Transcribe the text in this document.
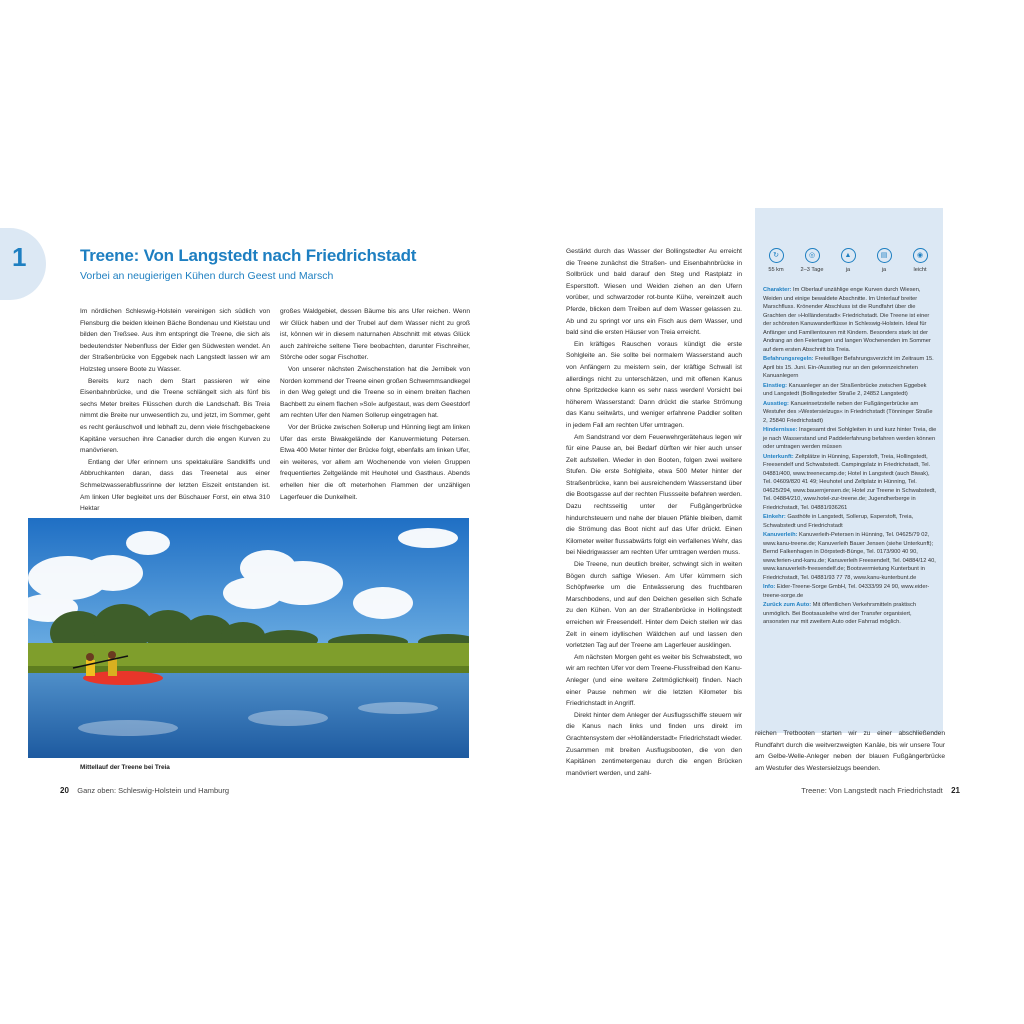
1	Treene: Von Langstedt nach Friedrichstadt
Vorbei an neugierigen Kühen durch Geest und Marsch

Im nördlichen Schleswig-Holstein vereinigen sich südlich von Flensburg die beiden kleinen Bäche Bondenau und Kielstau und bilden den Treßsee. Aus ihm entspringt die Treene, die sich als bedeutendster Nebenfluss der Eider gen Südwesten wendet. An der Straßenbrücke von Eggebek nach Langstedt lassen wir am Holzsteg unsere Boote zu Wasser.

Bereits kurz nach dem Start passieren wir eine Eisenbahnbrücke, und die Treene schlängelt sich als fünf bis sechs Meter breites Flüsschen durch die Landschaft. Bis Treia nimmt die Breite nur unwesentlich zu, und jetzt, im Sommer, geht es recht geräuschvoll und lebhaft zu, denn viele frischgebackene Kapitäne versuchen ihre Canadier durch die engen Kurven zu manövrieren.

Entlang der Ufer erinnern uns spektakuläre Sandkliffs und Abbruchkanten daran, dass das Treenetal aus einer Schmelzwasserabflussrinne der letzten Eiszeit entstanden ist. Am linken Ufer begleitet uns der Büschauer Forst, ein etwa 310 Hektar

großes Waldgebiet, dessen Bäume bis ans Ufer reichen. Wenn wir Glück haben und der Trubel auf dem Wasser nicht zu groß ist, können wir in diesem naturnahen Abschnitt mit etwas Glück auch zahlreiche seltene Tiere beobachten, darunter Fischreiher, Störche oder sogar Fischotter.

Von unserer nächsten Zwischenstation hat die Jernibek von Norden kommend der Treene einen großen Schwemmsandkegel in den Weg gelegt und die Treene so in einem breiten flachen Bachbett zu einem flachen »Sol« aufgestaut, was dem Geestdorf am rechten Ufer den Namen Sollerup eingetragen hat.

Vor der Brücke zwischen Sollerup und Hünning liegt am linken Ufer das erste Biwakgelände der Kanuvermietung Petersen. Etwa 400 Meter hinter der Brücke folgt, ebenfalls am linken Ufer, ein weiteres, vor allem am Wochenende von vielen Gruppen frequentiertes Zeltgelände mit Heuhotel und Gasthaus. Abends erhellen hier die oft meterhohen Flammen der unzähligen Lagerfeuer die Dunkelheit.

Mittellauf der Treene bei Treia

Gestärkt durch das Wasser der Bollingstedter Au erreicht die Treene zunächst die Straßen- und Eisenbahnbrücke in Sollbrück und bald darauf den Steg und Rastplatz in Espersttoft. Wiesen und Weiden ziehen an den Ufern vorüber, und schwarzoder rot-bunte Kühe, vereinzelt auch Pferde, blicken dem Treiben auf dem Wasser gelassen zu. Ab und zu springt vor uns ein Fisch aus dem Wasser, und bald sind die ersten Häuser von Treia erreicht.

Ein kräftiges Rauschen voraus kündigt die erste Sohlgleite an. Sie sollte bei normalem Wasserstand auch von Anfängern zu meistern sein, der kräftige Schwall ist allerdings nicht zu unterschätzen, und mit offenen Kanus ohne Spritzdecke kann es sehr nass werden! Vorsicht bei höherem Wasserstand: Dann drückt die starke Strömung das Kanu seitwärts, und weniger erfahrene Paddler sollten in jedem Fall am rechten Ufer umtragen.

Am Sandstrand vor dem Feuerwehrgerätehaus legen wir für eine Pause an, bei Bedarf dürften wir hier auch unser Zelt aufstellen. Wieder in den Booten, folgen zwei weitere Stufen. Die erste Sohlgleite, etwa 500 Meter hinter der Straßenbrücke, kann bei ausreichendem Wasserstand über die Bootsgasse auf der rechten Flussseite befahren werden. Dazu rechtsseitig unter der Fußgängerbrücke hindurchsteuern und nahe der blauen Pfähle bleiben, damit die Strömung das Boot nicht auf das Ufer drückt. Einen Kilometer weiter flussabwärts folgt ein verfallenes Wehr, das bei Niedrigwasser am rechten Ufer umtragen werden muss.

Die Treene, nun deutlich breiter, schwingt sich in weiten Bögen durch saftige Wiesen. Am Ufer kümmern sich Schöpfwerke um die Entwässerung des fruchtbaren Marschbodens, und auf den Deichen gesellen sich Schafe zu den Kühen. Von an der Straßenbrücke in Hollingstedt erreichen wir Freesendelf. Hinter dem Deich stellen wir das Zelt in einem idyllischen Wäldchen auf und lassen den vorletzten Tag auf der Treene am Lagerfeuer ausklingen.

Am nächsten Morgen geht es weiter bis Schwabstedt, wo wir am rechten Ufer vor dem Treene-Flussfreibad den Kanu-Anleger (und eine weitere Zeltmöglichkeit) finden. Nach einer Pause nehmen wir die letzten Kilometer bis Friedrichstadt in Angriff.

Direkt hinter dem Anleger der Ausflugsschiffe steuern wir die Kanus nach links und finden uns direkt im Grachtensystem der »Holländerstadt« Friedrichstadt wieder. Zusammen mit breiten Ausflugsbooten, die von den Kapitänen zentimetergenau durch die engen Brücken manövriert werden, und zahl-

↻
55 km
◎
2–3 Tage
▲
ja
▤
ja
◉
leicht

Charakter: Im Oberlauf unzählige enge Kurven durch Wiesen, Weiden und einige bewaldete Abschnitte. Im Unterlauf breiter Marschfluss. Krönender Abschluss ist die Rundfahrt über die Grachten der »Holländerstadt« Friedrichstadt. Die Treene ist einer der schönsten Kanuwanderflüsse in Schleswig-Holstein. Ideal für Anfänger und Familientouren mit Kindern. Besonders stark ist der Andrang an den Feiertagen und langen Wochenenden im Sommer auf dem ersten Abschnitt bis Treia.

Befahrungsregeln: Freiwilliger Befahrungsverzicht im Zeitraum 15. April bis 15. Juni. Ein-/Ausstieg nur an den gekennzeichneten Kanuanlegern

Einstieg: Kanuanleger an der Straßenbrücke zwischen Eggebek und Langstedt (Bollingstedter Straße 2, 24852 Langstedt)

Ausstieg: Kanueinsetzstelle neben der Fußgängerbrücke am Westufer des »Westersielzugs« in Friedrichstadt (Tönninger Straße 2, 25840 Friedrichstadt)

Hindernisse: Insgesamt drei Sohlgleiten in und kurz hinter Treia, die je nach Wasserstand und Paddelerfahrung befahren werden können oder umtragen werden müssen

Unterkunft: Zeltplätze in Hünning, Esperstoft, Treia, Hollingstedt, Freesendelf und Schwabstedt. Campingplatz in Friedrichstadt, Tel. 04881/400, www.treenecamp.de; Hotel in Langstedt (auch Biwak), Tel. 04609/820 41 49; Heuhotel und Zeltplatz in Hünning, Tel. 04625/294, www.bauernjensen.de; Hotel zur Treene in Schwabstedt, Tel. 04884/210, www.hotel-zur-treene.de; Jugendherberge in Friedrichstadt, Tel. 04881/936261

Einkehr: Gasthöfe in Langstedt, Sollerup, Esperstoft, Treia, Schwabstedt und Friedrichstadt

Kanuverleih: Kanuverleih-Petersen in Hünning, Tel. 04625/79 02, www.kanu-treene.de; Kanuverleih Bauer Jensen (siehe Unterkunft); Bernd Falkenhagen in Dörpstedt-Bünge, Tel. 0173/900 40 90, www.ferien-und-kanu.de; Kanuverleih Freesendelf, Tel. 04884/12 40, www.kanuverleih-freesendelf.de; Bootsvermietung Kunterbunt in Friedrichstadt, Tel. 04881/93 77 78, www.kanu-kunterbunt.de

Info: Eider-Treene-Sorge GmbH, Tel. 04333/99 24 90, www.eider-treene-sorge.de

Zurück zum Auto: Mit öffentlichen Verkehrsmitteln praktisch unmöglich. Bei Bootsausleihe wird der Transfer organisiert, ansonsten nur mit zweitem Auto oder Fahrrad möglich.

reichen Tretbooten starten wir zu einer abschließenden Rundfahrt durch die weitverzweigten Kanäle, bis wir unsere Tour am Gelbe-Welle-Anleger neben der blauen Fußgängerbrücke am Westufer des Westersielzugs beenden.
20 Ganz oben: Schleswig-Holstein und Hamburg	Treene: Von Langstedt nach Friedrichstadt 21
